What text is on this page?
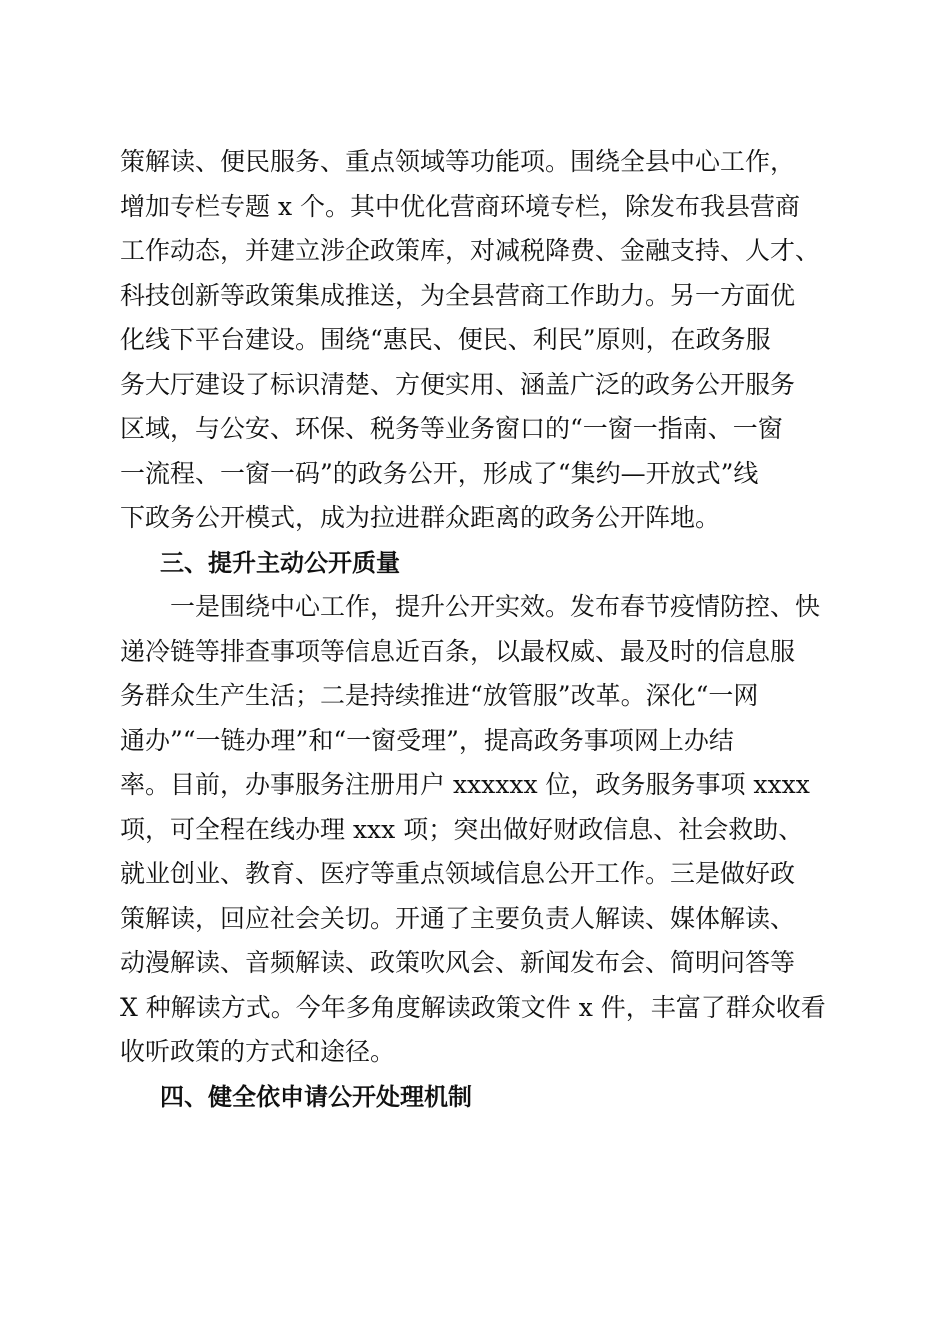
策解读、便民服务、重点领域等功能项。围绕全县中心工作，
增加专栏专题 x 个。其中优化营商环境专栏，除发布我县营商
工作动态，并建立涉企政策库，对减税降费、金融支持、人才、
科技创新等政策集成推送，为全县营商工作助力。另一方面优
化线下平台建设。围绕“惠民、便民、利民”原则，在政务服
务大厅建设了标识清楚、方便实用、涵盖广泛的政务公开服务
区域，与公安、环保、税务等业务窗口的“一窗一指南、一窗
一流程、一窗一码”的政务公开，形成了“集约—开放式”线
下政务公开模式，成为拉进群众距离的政务公开阵地。
三、提升主动公开质量
　　一是围绕中心工作，提升公开实效。发布春节疫情防控、快
递冷链等排查事项等信息近百条，以最权威、最及时的信息服
务群众生产生活；二是持续推进“放管服”改革。深化“一网
通办”“一链办理”和“一窗受理”，提高政务事项网上办结
率。目前，办事服务注册用户 xxxxxx 位，政务服务事项 xxxx
项，可全程在线办理 xxx 项；突出做好财政信息、社会救助、
就业创业、教育、医疗等重点领域信息公开工作。三是做好政
策解读，回应社会关切。开通了主要负责人解读、媒体解读、
动漫解读、音频解读、政策吹风会、新闻发布会、简明问答等
X 种解读方式。今年多角度解读政策文件 x 件，丰富了群众收看
收听政策的方式和途径。
四、健全依申请公开处理机制
